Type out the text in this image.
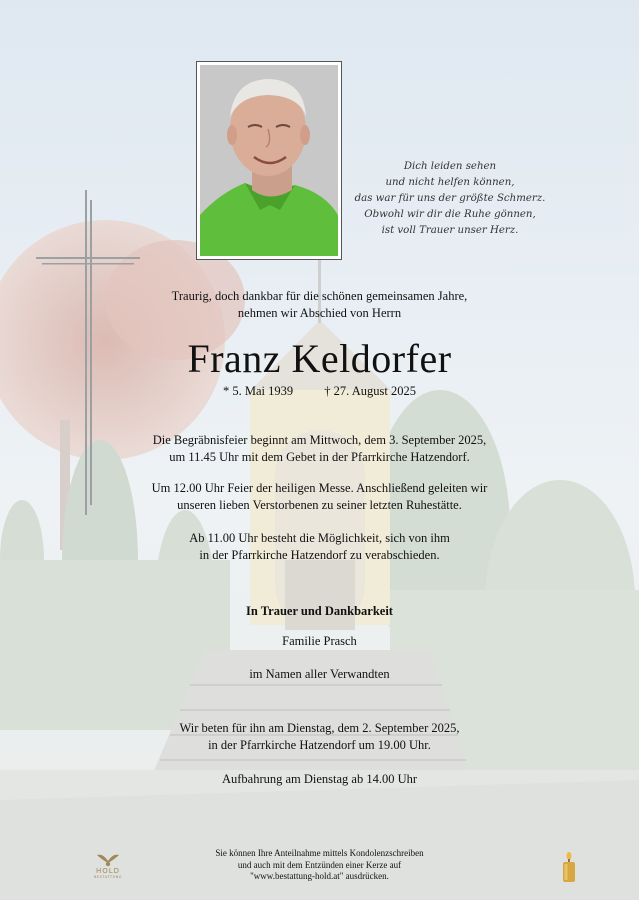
Dich leiden sehen
und nicht helfen können,
das war für uns der größte Schmerz.
Obwohl wir dir die Ruhe gönnen,
ist voll Trauer unser Herz.
Traurig, doch dankbar für die schönen gemeinsamen Jahre,
nehmen wir Abschied von Herrn
Franz Keldorfer
* 5. Mai 1939 † 27. August 2025
Die Begräbnisfeier beginnt am Mittwoch, dem 3. September 2025,
um 11.45 Uhr mit dem Gebet in der Pfarrkirche Hatzendorf.
Um 12.00 Uhr Feier der heiligen Messe. Anschließend geleiten wir
unseren lieben Verstorbenen zu seiner letzten Ruhestätte.
Ab 11.00 Uhr besteht die Möglichkeit, sich von ihm
in der Pfarrkirche Hatzendorf zu verabschieden.
In Trauer und Dankbarkeit
Familie Prasch
im Namen aller Verwandten
Wir beten für ihn am Dienstag, dem 2. September 2025,
in der Pfarrkirche Hatzendorf um 19.00 Uhr.
Aufbahrung am Dienstag ab 14.00 Uhr
Sie können Ihre Anteilnahme mittels Kondolenzschreiben
und auch mit dem Entzünden einer Kerze auf
"www.bestattung-hold.at" ausdrücken.
HOLD
BESTATTUNG
